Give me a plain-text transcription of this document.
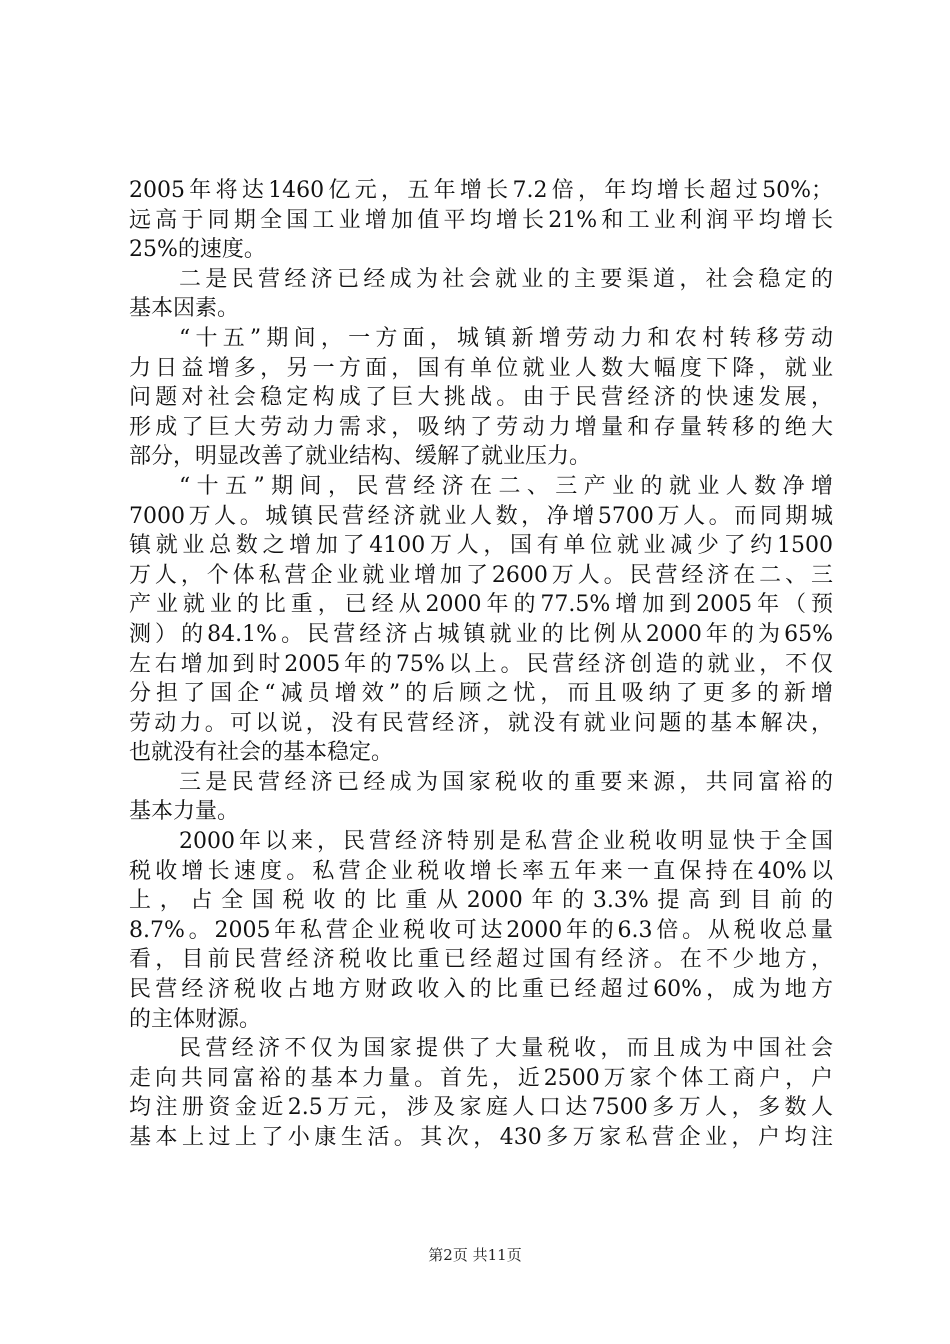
2005年将达1460亿元，五年增长7.2倍，年均增长超过50%；
远高于同期全国工业增加值平均增长21%和工业利润平均增长
25%的速度。
二是民营经济已经成为社会就业的主要渠道，社会稳定的
基本因素。
“十五”期间，一方面，城镇新增劳动力和农村转移劳动
力日益增多，另一方面，国有单位就业人数大幅度下降，就业
问题对社会稳定构成了巨大挑战。由于民营经济的快速发展，
形成了巨大劳动力需求，吸纳了劳动力增量和存量转移的绝大
部分，明显改善了就业结构、缓解了就业压力。
“十五”期间，民营经济在二、三产业的就业人数净增
7000万人。城镇民营经济就业人数，净增5700万人。而同期城
镇就业总数之增加了4100万人，国有单位就业减少了约1500
万人，个体私营企业就业增加了2600万人。民营经济在二、三
产业就业的比重，已经从2000年的77.5%增加到2005年（预
测）的84.1%。民营经济占城镇就业的比例从2000年的为65%
左右增加到时2005年的75%以上。民营经济创造的就业，不仅
分担了国企“减员增效”的后顾之忧，而且吸纳了更多的新增
劳动力。可以说，没有民营经济，就没有就业问题的基本解决，
也就没有社会的基本稳定。
三是民营经济已经成为国家税收的重要来源，共同富裕的
基本力量。
2000年以来，民营经济特别是私营企业税收明显快于全国
税收增长速度。私营企业税收增长率五年来一直保持在40%以
上，占全国税收的比重从2000年的3.3%提高到目前的
8.7%。2005年私营企业税收可达2000年的6.3倍。从税收总量
看，目前民营经济税收比重已经超过国有经济。在不少地方，
民营经济税收占地方财政收入的比重已经超过60%，成为地方
的主体财源。
民营经济不仅为国家提供了大量税收，而且成为中国社会
走向共同富裕的基本力量。首先，近2500万家个体工商户，户
均注册资金近2.5万元，涉及家庭人口达7500多万人，多数人
基本上过上了小康生活。其次，430多万家私营企业，户均注
第2页 共11页
